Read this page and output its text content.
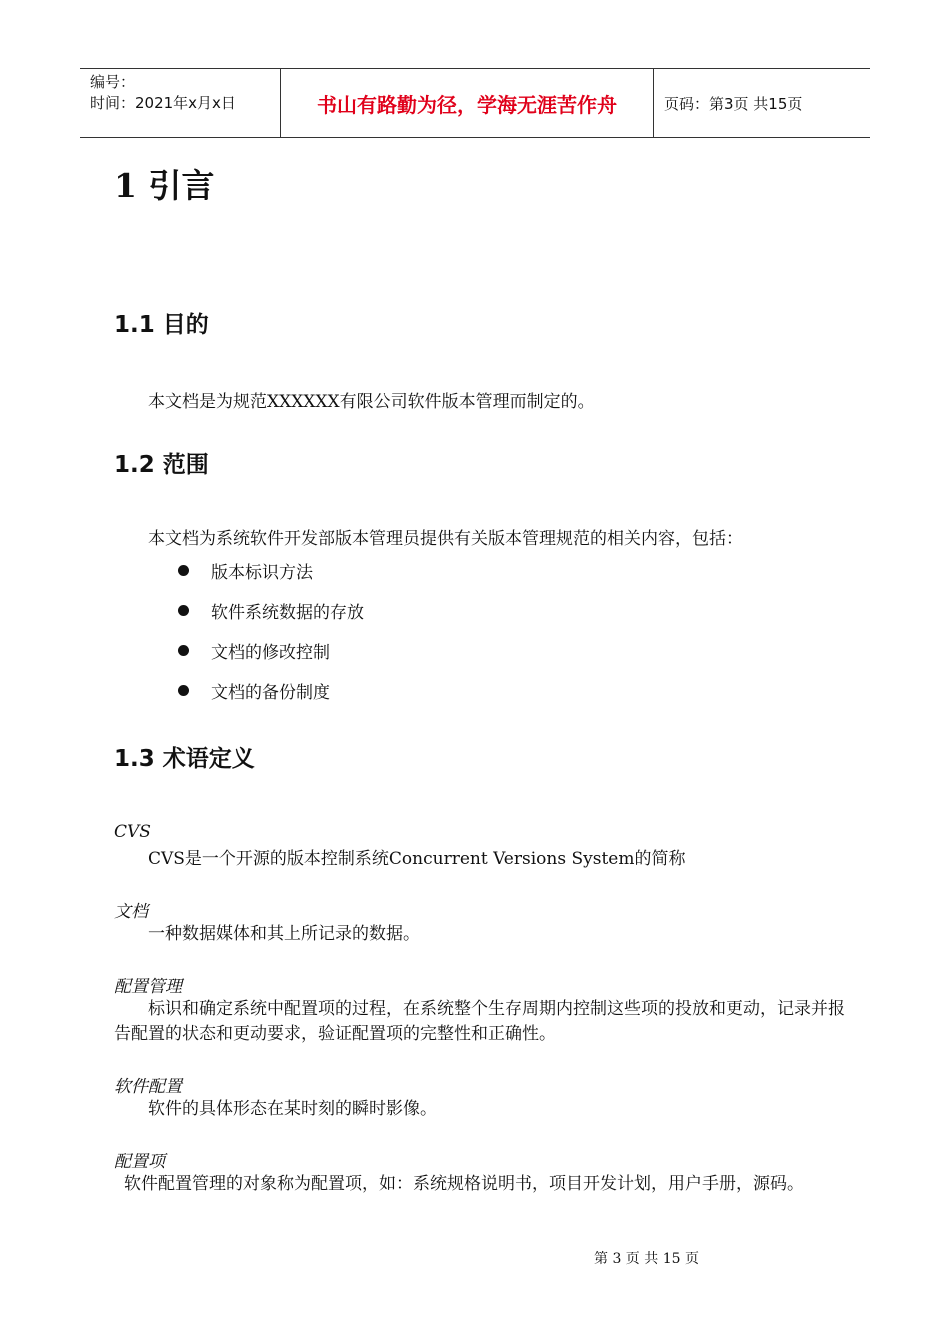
编号：
时间：2021年x月x日	书山有路勤为径，学海无涯苦作舟	页码：第3页 共15页
1 引言
1.1 目的

本文档是为规范XXXXXX有限公司软件版本管理而制定的。

1.2 范围

本文档为系统软件开发部版本管理员提供有关版本管理规范的相关内容，包括：

版本标识方法
软件系统数据的存放
文档的修改控制
文档的备份制度
1.3 术语定义

CVS

CVS是一个开源的版本控制系统Concurrent Versions System的简称

文档

一种数据媒体和其上所记录的数据。

配置管理

标识和确定系统中配置项的过程，在系统整个生存周期内控制这些项的投放和更动，记录并报告配置的状态和更动要求，验证配置项的完整性和正确性。

软件配置

软件的具体形态在某时刻的瞬时影像。

配置项

软件配置管理的对象称为配置项，如：系统规格说明书，项目开发计划，用户手册，源码。

第 3 页 共 15 页
